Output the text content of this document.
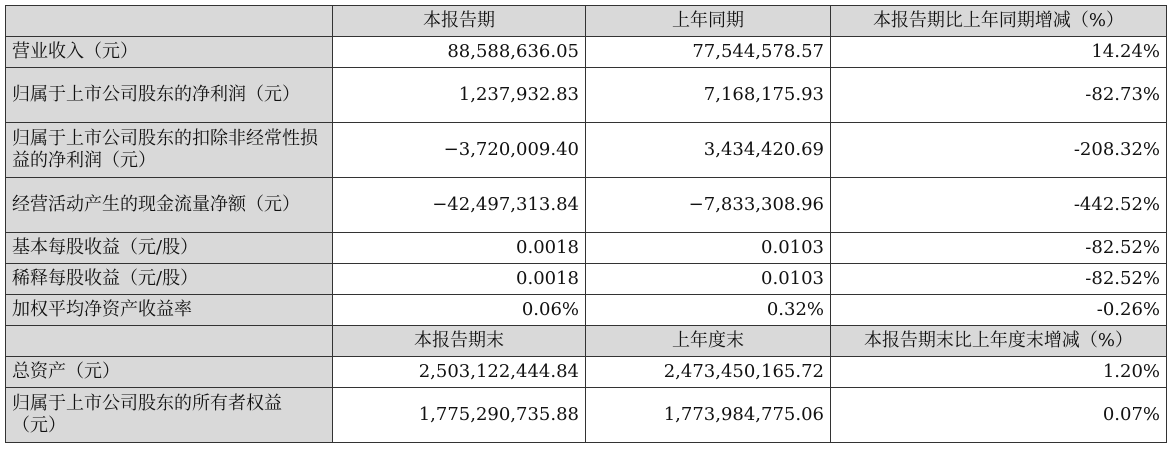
	本报告期	上年同期	本报告期比上年同期增减（%）
营业收入（元）	88,588,636.05	77,544,578.57	14.24%
归属于上市公司股东的净利润（元）	1,237,932.83	7,168,175.93	-82.73%
归属于上市公司股东的扣除非经常性损益的净利润（元）	−3,720,009.40	3,434,420.69	-208.32%
经营活动产生的现金流量净额（元）	−42,497,313.84	−7,833,308.96	-442.52%
基本每股收益（元/股）	0.0018	0.0103	-82.52%
稀释每股收益（元/股）	0.0018	0.0103	-82.52%
加权平均净资产收益率	0.06%	0.32%	-0.26%
	本报告期末	上年度末	本报告期末比上年度末增减（%）
总资产（元）	2,503,122,444.84	2,473,450,165.72	1.20%
归属于上市公司股东的所有者权益（元）	1,775,290,735.88	1,773,984,775.06	0.07%
